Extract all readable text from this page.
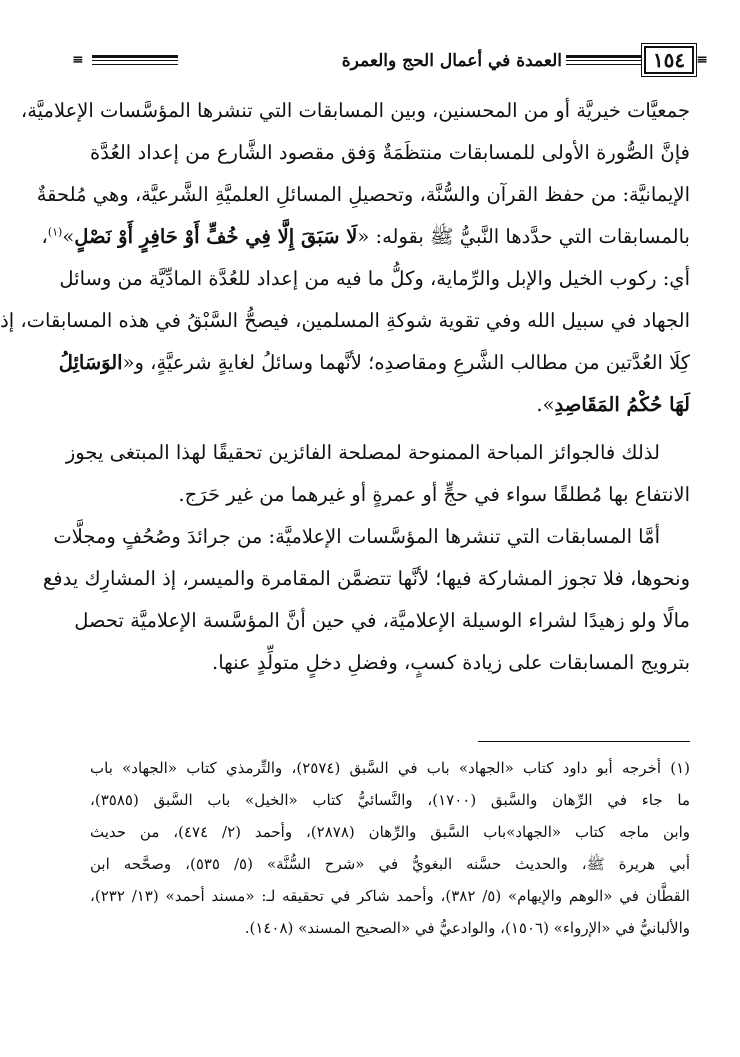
≡
١٥٤
العمدة في أعمال الحج والعمرة
≡
جمعيَّات خيريَّة أو من المحسنين، وبين المسابقات التي تنشرها المؤسَّسات الإعلاميَّة،
فإنَّ الصُّورة الأولى للمسابقات منتظَمَةٌ وَفق مقصود الشَّارع من إعداد العُدَّة
الإيمانيَّة: من حفظ القرآن والسُّنَّة، وتحصيلِ المسائلِ العلميَّةِ الشَّرعيَّة، وهي مُلحقةٌ
بالمسابقات التي حدَّدها النَّبيُّ ﷺ بقوله: «لَا سَبَقَ إِلَّا فِي خُفٍّ أَوْ حَافِرٍ أَوْ نَصْلٍ»$^{(١)}$،
أي: ركوب الخيل والإبل والرِّماية، وكلُّ ما فيه من إعداد للعُدَّة المادِّيَّة من وسائل
الجهاد في سبيل الله وفي تقوية شوكةِ المسلمين، فيصحُّ السَّبْقُ في هذه المسابقات، إذ
كِلَا العُدَّتين من مطالب الشَّرعِ ومقاصدِه؛ لأنَّهما وسائلُ لغايةٍ شرعيَّةٍ، و«الوَسَائِلُ
لَهَا حُكْمُ المَقَاصِدِ».
لذلك فالجوائز المباحة الممنوحة لمصلحة الفائزين تحقيقًا لهذا المبتغى يجوز
الانتفاع بها مُطلقًا سواء في حجٍّ أو عمرةٍ أو غيرهما من غير حَرَج.
أمَّا المسابقات التي تنشرها المؤسَّسات الإعلاميَّة: من جرائدَ وصُحُفٍ ومجلَّات
ونحوها، فلا تجوز المشاركة فيها؛ لأنَّها تتضمَّن المقامرة والميسر، إذ المشارِك يدفع
مالًا ولو زهيدًا لشراء الوسيلة الإعلاميَّة، في حين أنَّ المؤسَّسة الإعلاميَّة تحصل
بترويج المسابقات على زيادة كسبٍ، وفضلِ دخلٍ متولِّدٍ عنها.
(١) أخرجه أبو داود كتاب «الجهاد» باب في السَّبق (٢٥٧٤)، والتِّرمذي كتاب «الجهاد» باب
ما جاء في الرِّهان والسَّبق (١٧٠٠)، والنَّسائيُّ كتاب «الخيل» باب السَّبق (٣٥٨٥)،
وابن ماجه كتاب «الجهاد»باب السَّبق والرِّهان (٢٨٧٨)، وأحمد (٢/ ٤٧٤)، من حديث
أبي هريرة ﷺ، والحديث حسَّنه البغويُّ في «شرح السُّنَّة» (٥/ ٥٣٥)، وصحَّحه ابن
القطَّان في «الوهم والإيهام» (٥/ ٣٨٢)، وأحمد شاكر في تحقيقه لـ: «مسند أحمد» (١٣/ ٢٣٢)،
والألبانيُّ في «الإرواء» (١٥٠٦)، والوادعيُّ في «الصحيح المسند» (١٤٠٨).
